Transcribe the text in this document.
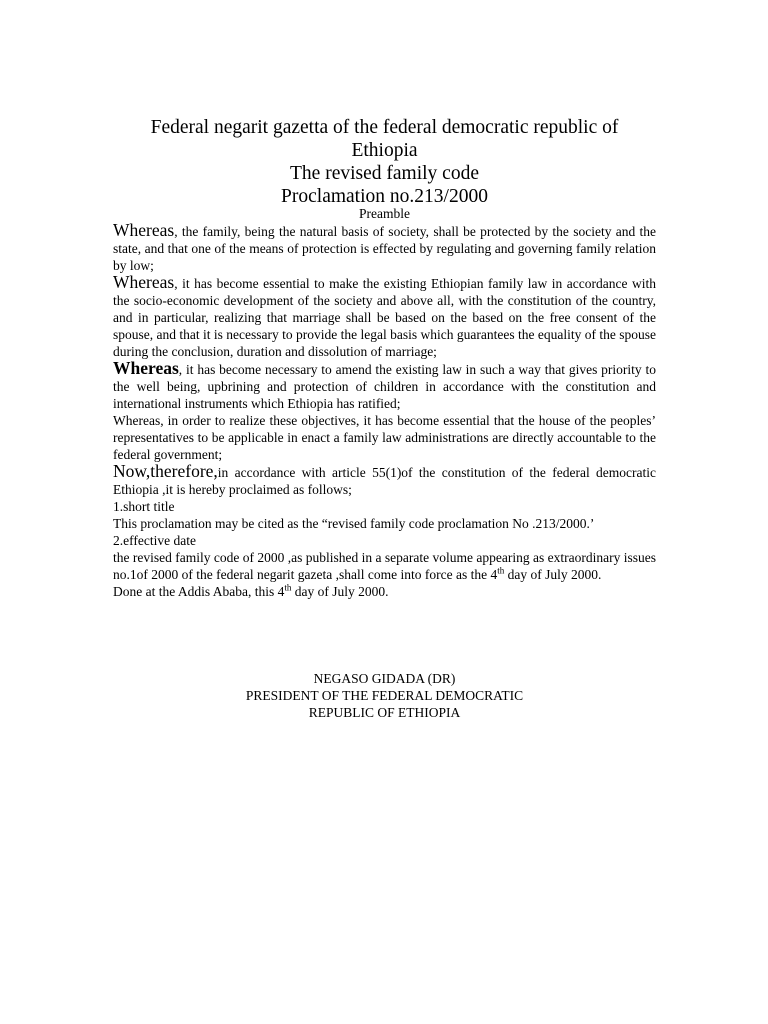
Federal negarit gazetta of the federal democratic republic of
Ethiopia
The revised family code
Proclamation no.213/2000
Preamble

Whereas, the family, being the natural basis of society, shall be protected by the society and the state, and that one of the means of protection is effected by regulating and governing family relation by low;

Whereas, it has become essential to make the existing Ethiopian family law in accordance with the socio-economic development of the society and above all, with the constitution of the country, and in particular, realizing that marriage shall be based on the based on the free consent of the spouse, and that it is necessary to provide the legal basis which guarantees the equality of the spouse during the conclusion, duration and dissolution of marriage;

Whereas, it has become necessary to amend the existing law in such a way that gives priority to the well being, upbrining and protection of children in accordance with the constitution and international instruments which Ethiopia has ratified;

Whereas, in order to realize these objectives, it has become essential that the house of the peoples’ representatives to be applicable in enact a family law administrations are directly accountable to the federal government;

Now,therefore,in accordance with article 55(1)of the constitution of the federal democratic Ethiopia ,it is hereby proclaimed as follows;

1.short title

This proclamation may be cited as the “revised family code proclamation No .213/2000.’

2.effective date

the revised family code of 2000 ,as published in a separate volume appearing as extraordinary issues no.1of 2000 of the federal negarit gazeta ,shall come into force as the 4th day of July 2000.

Done at the Addis Ababa, this 4th day of July 2000.

NEGASO GIDADA (DR)
PRESIDENT OF THE FEDERAL DEMOCRATIC
REPUBLIC OF ETHIOPIA
